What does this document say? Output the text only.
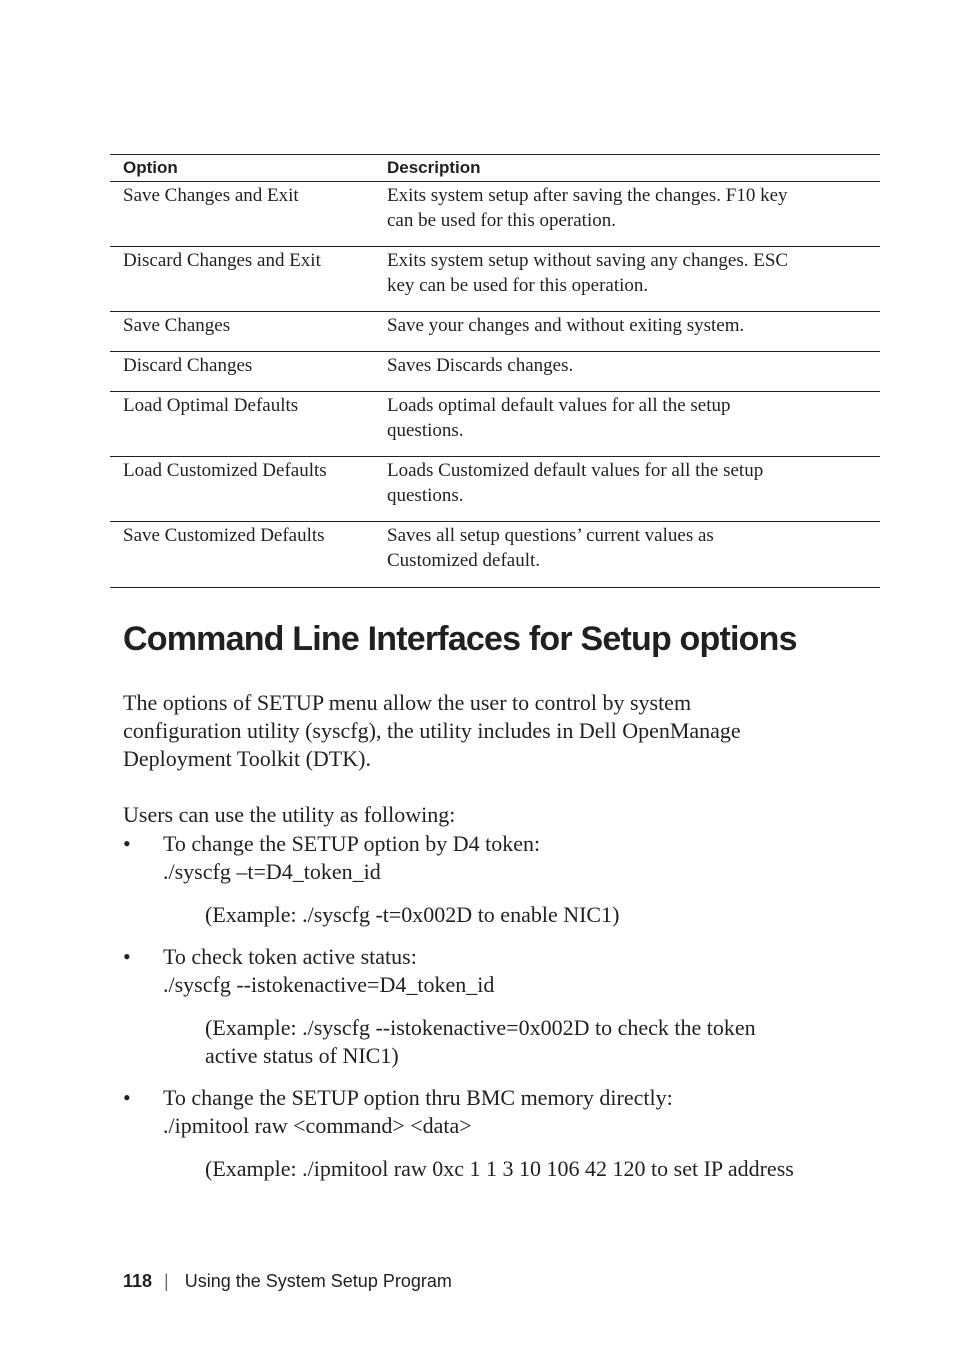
Option	Description
Save Changes and Exit	Exits system setup after saving the changes. F10 key
can be used for this operation.
Discard Changes and Exit	Exits system setup without saving any changes. ESC
key can be used for this operation.
Save Changes	Save your changes and without exiting system.
Discard Changes	Saves Discards changes.
Load Optimal Defaults	Loads optimal default values for all the setup
questions.
Load Customized Defaults	Loads Customized default values for all the setup
questions.
Save Customized Defaults	Saves all setup questions’ current values as
Customized default.
Command Line Interfaces for Setup options
The options of SETUP menu allow the user to control by system
configuration utility (syscfg), the utility includes in Dell OpenManage
Deployment Toolkit (DTK).
Users can use the utility as following:
• To change the SETUP option by D4 token:
./syscfg –t=D4_token_id
(Example: ./syscfg -t=0x002D to enable NIC1)
• To check token active status:
./syscfg --istokenactive=D4_token_id
(Example: ./syscfg --istokenactive=0x002D to check the token
active status of NIC1)
• To change the SETUP option thru BMC memory directly:
./ipmitool raw <command> <data>
(Example: ./ipmitool raw 0xc 1 1 3 10 106 42 120 to set IP address
118 | Using the System Setup Program
